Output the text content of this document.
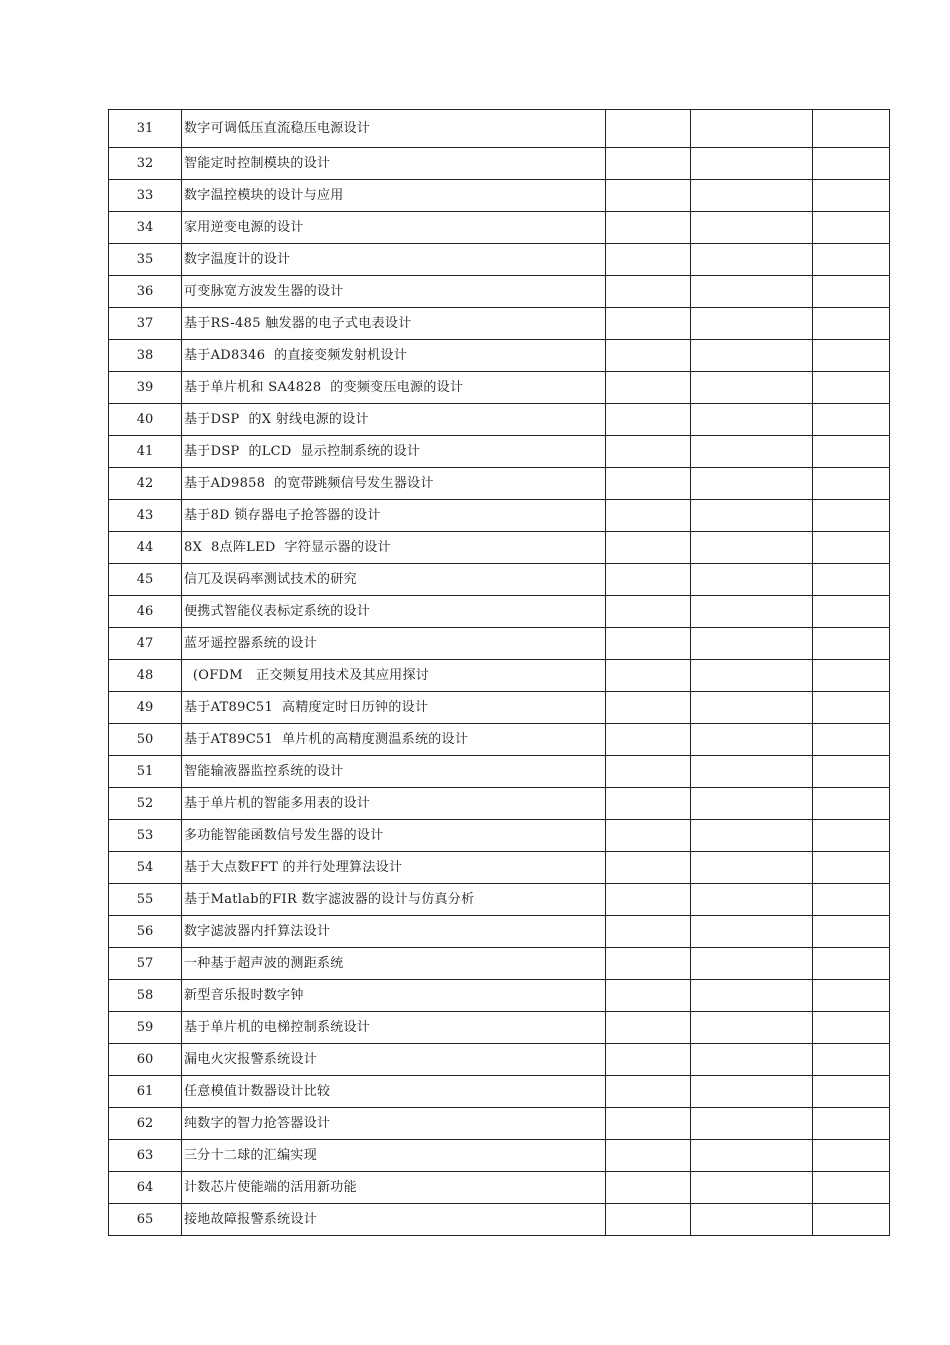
31	数字可调低压直流稳压电源设计			
32	智能定时控制模块的设计			
33	数字温控模块的设计与应用			
34	家用逆变电源的设计			
35	数字温度计的设计			
36	可变脉宽方波发生器的设计			
37	基于RS-485 触发器的电子式电表设计			
38	基于AD8346  的直接变频发射机设计			
39	基于单片机和 SA4828  的变频变压电源的设计			
40	基于DSP  的X 射线电源的设计			
41	基于DSP  的LCD  显示控制系统的设计			
42	基于AD9858  的宽带跳频信号发生器设计			
43	基于8D 锁存器电子抢答器的设计			
44	8X  8点阵LED  字符显示器的设计			
45	信兀及误码率测试技术的研究			
46	便携式智能仪表标定系统的设计			
47	蓝牙遥控器系统的设计			
48	(OFDM   正交频复用技术及其应用探讨			
49	基于AT89C51  高精度定时日历钟的设计			
50	基于AT89C51  单片机的高精度测温系统的设计			
51	智能输液器监控系统的设计			
52	基于单片机的智能多用表的设计			
53	多功能智能函数信号发生器的设计			
54	基于大点数FFT 的并行处理算法设计			
55	基于Matlab的FIR 数字滤波器的设计与仿真分析			
56	数字滤波器内扦算法设计			
57	一种基于超声波的测距系统			
58	新型音乐报时数字钟			
59	基于单片机的电梯控制系统设计			
60	漏电火灾报警系统设计			
61	任意模值计数器设计比较			
62	纯数字的智力抢答器设计			
63	三分十二球的汇编实现			
64	计数芯片使能端的活用新功能			
65	接地故障报警系统设计			
